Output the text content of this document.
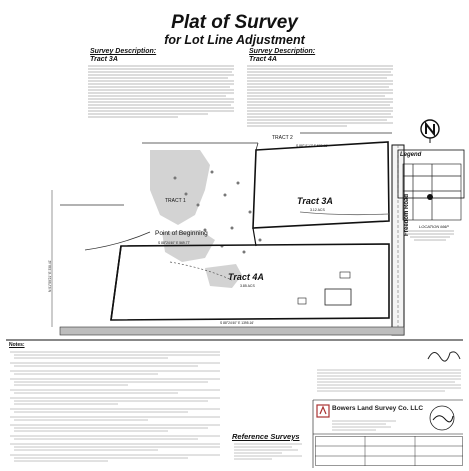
Plat of Survey
for Lot Line Adjustment
Survey Description:
Tract 3A
Survey Description:
Tract 4A
TRACT 2
TRACT 1	Tract 3A
3.12 ACS
Tract 4A
3.85 ACS
Point of Beginning	Freedom Road
S 88°11'17" E 589.08'
S 88°24'40" E 569.77'
S 88°24'40" E 1395.16'
N 01°09'21" E 338.41'
Legend
LOCATION MAP
Notes:
Bowers Land Survey Co. LLC
Reference Surveys
